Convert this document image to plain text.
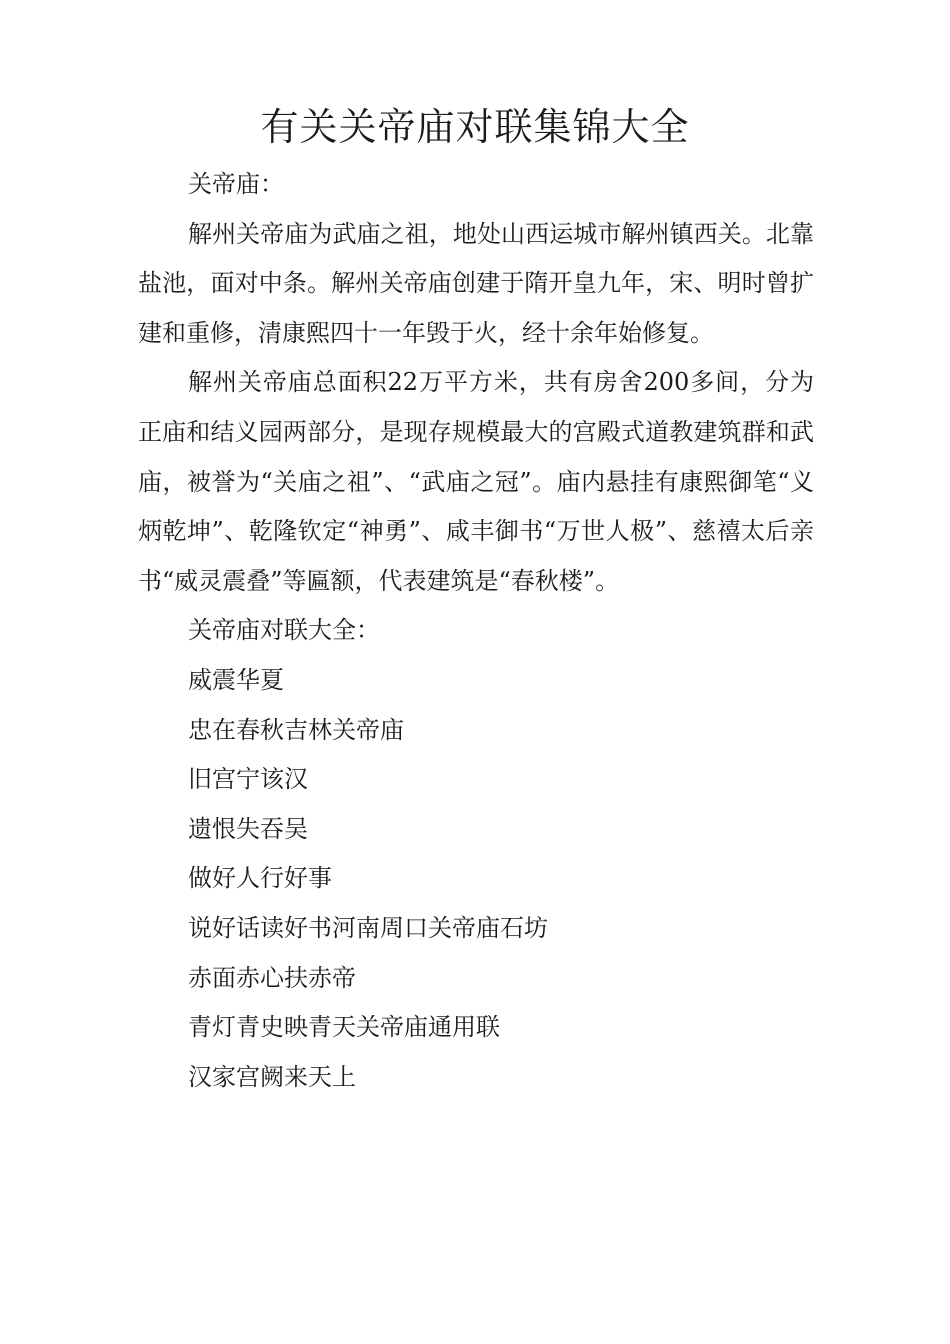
有关关帝庙对联集锦大全

关帝庙：

解州关帝庙为武庙之祖，地处山西运城市解州镇西关。北靠盐池，面对中条。解州关帝庙创建于隋开皇九年，宋、明时曾扩建和重修，清康熙四十一年毁于火，经十余年始修复。

解州关帝庙总面积22万平方米，共有房舍200多间，分为正庙和结义园两部分，是现存规模最大的宫殿式道教建筑群和武庙，被誉为“关庙之祖”、“武庙之冠”。庙内悬挂有康熙御笔“义炳乾坤”、乾隆钦定“神勇”、咸丰御书“万世人极”、慈禧太后亲书“威灵震叠”等匾额，代表建筑是“春秋楼”。

关帝庙对联大全：

威震华夏

忠在春秋吉林关帝庙

旧宫宁该汉

遗恨失吞吴

做好人行好事

说好话读好书河南周口关帝庙石坊

赤面赤心扶赤帝

青灯青史映青天关帝庙通用联

汉家宫阙来天上
